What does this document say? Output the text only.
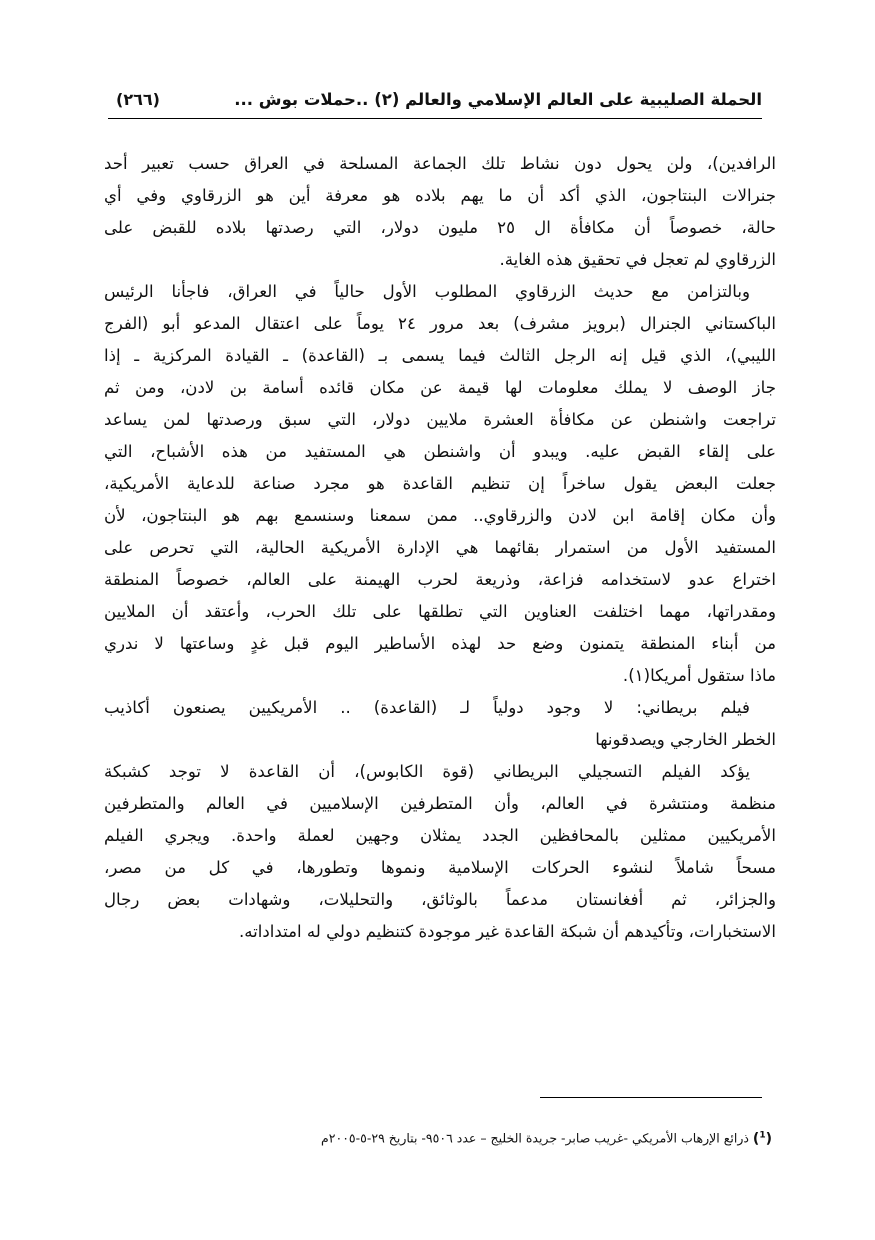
الحملة الصليبية على العالم الإسلامي والعالم (٢) ..حملات بوش ...
(٢٦٦)
الرافدين)، ولن يحول دون نشاط تلك الجماعة المسلحة في العراق حسب تعبير أحد
جنرالات البنتاجون، الذي أكد أن ما يهم بلاده هو معرفة أين هو الزرقاوي وفي أي
حالة، خصوصاً أن مكافأة ال ٢٥ مليون دولار، التي رصدتها بلاده للقبض على
الزرقاوي لم تعجل في تحقيق هذه الغاية.
وبالتزامن مع حديث الزرقاوي المطلوب الأول حالياً في العراق، فاجأنا الرئيس
الباكستاني الجنرال (برويز مشرف) بعد مرور ٢٤ يوماً على اعتقال المدعو أبو (الفرج
الليبي)، الذي قيل إنه الرجل الثالث فيما يسمى بـ (القاعدة) ـ القيادة المركزية ـ إذا
جاز الوصف لا يملك معلومات لها قيمة عن مكان قائده أسامة بن لادن، ومن ثم
تراجعت واشنطن عن مكافأة العشرة ملايين دولار، التي سبق ورصدتها لمن يساعد
على إلقاء القبض عليه. ويبدو أن واشنطن هي المستفيد من هذه الأشباح، التي
جعلت البعض يقول ساخراً إن تنظيم القاعدة هو مجرد صناعة للدعاية الأمريكية،
وأن مكان إقامة ابن لادن والزرقاوي.. ممن سمعنا وسنسمع بهم هو البنتاجون، لأن
المستفيد الأول من استمرار بقائهما هي الإدارة الأمريكية الحالية، التي تحرص على
اختراع عدو لاستخدامه فزاعة، وذريعة لحرب الهيمنة على العالم، خصوصاً المنطقة
ومقدراتها، مهما اختلفت العناوين التي تطلقها على تلك الحرب، وأعتقد أن الملايين
من أبناء المنطقة يتمنون وضع حد لهذه الأساطير اليوم قبل غدٍ وساعتها لا ندري
ماذا ستقول أمريكا(١).
فيلم بريطاني: لا وجود دولياً لـ (القاعدة) .. الأمريكيين يصنعون أكاذيب
الخطر الخارجي ويصدقونها
يؤكد الفيلم التسجيلي البريطاني (قوة الكابوس)، أن القاعدة لا توجد كشبكة
منظمة ومنتشرة في العالم، وأن المتطرفين الإسلاميين في العالم والمتطرفين
الأمريكيين ممثلين بالمحافظين الجدد يمثلان وجهين لعملة واحدة. ويجري الفيلم
مسحاً شاملاً لنشوء الحركات الإسلامية ونموها وتطورها، في كل من مصر،
والجزائر، ثم أفغانستان مدعماً بالوثائق، والتحليلات، وشهادات بعض رجال
الاستخبارات، وتأكيدهم أن شبكة القاعدة غير موجودة كتنظيم دولي له امتداداته.
($^1$) ذرائع الإرهاب الأمريكي -غريب صابر- جريدة الخليج – عدد ٩٥٠٦- بتاريخ ٢٩-٥-٢٠٠٥م
